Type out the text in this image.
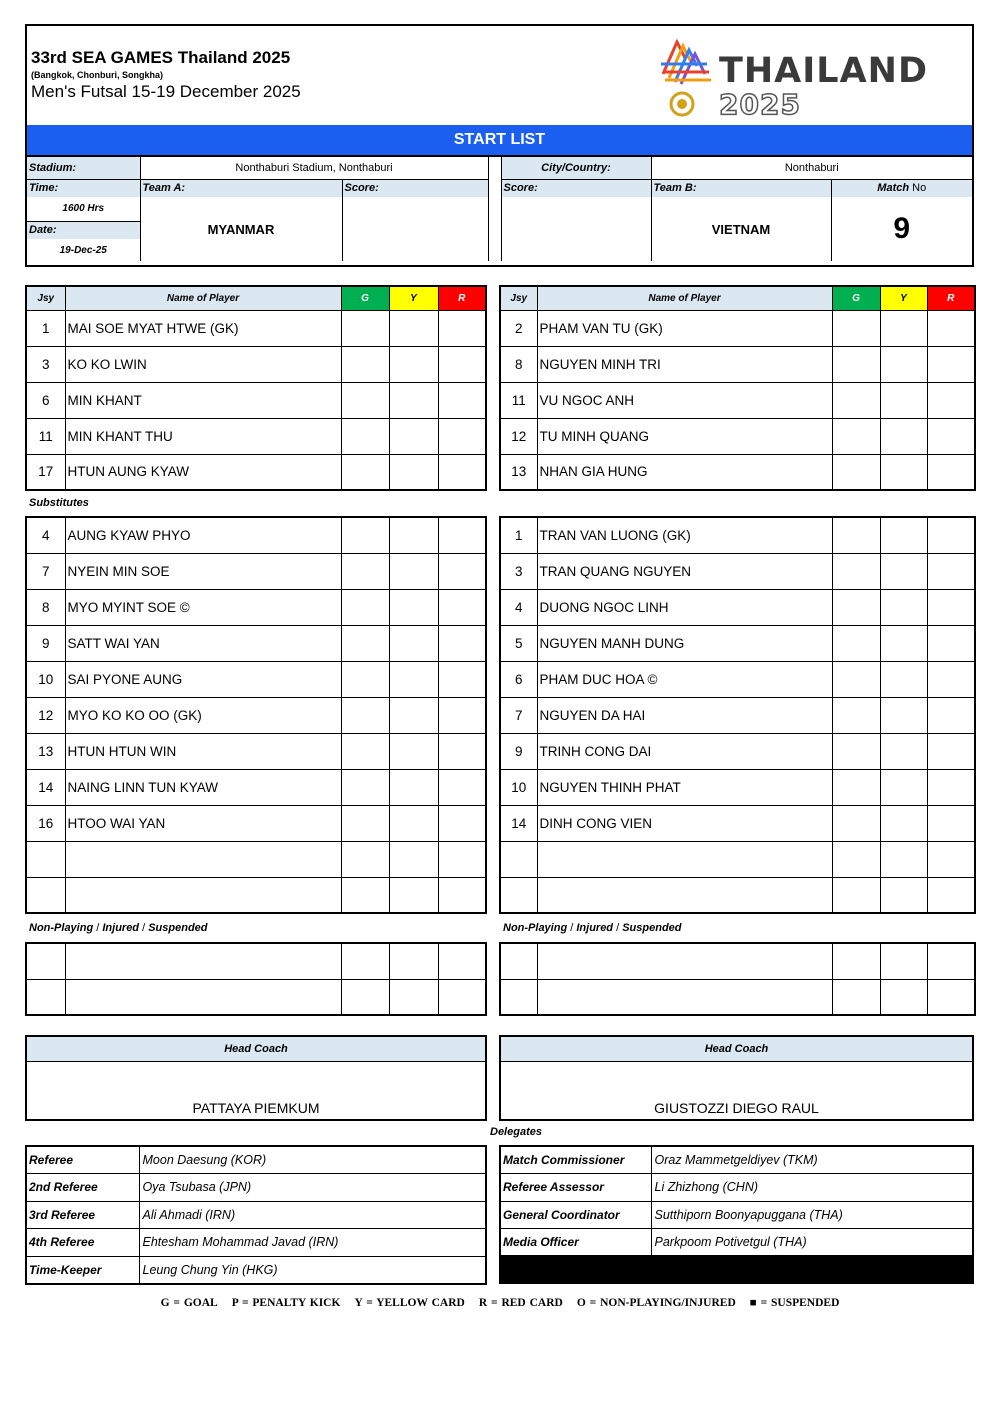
33rd SEA GAMES Thailand 2025
(Bangkok, Chonburi, Songkha)
Men's Futsal 15-19 December 2025
THAILAND
2025
START LIST
Stadium:	Nonthaburi Stadium, Nonthaburi			City/Country:	Nonthaburi	
Time:	Team A:	Score:		Score:	Team B:	Match No
1600 Hrs	MYANMAR				VIETNAM	9
Date:						
19-Dec-25						
Jsy	Name of Player	G	Y	R
1	MAI SOE MYAT HTWE (GK)			
3	KO KO LWIN			
6	MIN KHANT			
11	MIN KHANT THU			
17	HTUN AUNG KYAW			
Jsy	Name of Player	G	Y	R
2	PHAM VAN TU (GK)			
8	NGUYEN MINH TRI			
11	VU NGOC ANH			
12	TU MINH QUANG			
13	NHAN GIA HUNG			
Substitutes
4	AUNG KYAW PHYO			
7	NYEIN MIN SOE			
8	MYO MYINT SOE ©			
9	SATT WAI YAN			
10	SAI PYONE AUNG			
12	MYO KO KO OO (GK)			
13	HTUN HTUN WIN			
14	NAING LINN TUN KYAW			
16	HTOO WAI YAN			

1	TRAN VAN LUONG (GK)			
3	TRAN QUANG NGUYEN			
4	DUONG NGOC LINH			
5	NGUYEN MANH DUNG			
6	PHAM DUC HOA ©			
7	NGUYEN DA HAI			
9	TRINH CONG DAI			
10	NGUYEN THINH PHAT			
14	DINH CONG VIEN			

Non-Playing / Injured / Suspended	Non-Playing / Injured / Suspended

Head Coach
PATTAYA PIEMKUM
Head Coach
GIUSTOZZI DIEGO RAUL
Delegates
Referee	Moon Daesung (KOR)
2nd Referee	Oya Tsubasa (JPN)
3rd Referee	Ali Ahmadi (IRN)
4th Referee	Ehtesham Mohammad Javad (IRN)
Time-Keeper	Leung Chung Yin (HKG)
Match Commissioner	Oraz Mammetgeldiyev (TKM)
Referee Assessor	Li Zhizhong (CHN)
General Coordinator	Sutthiporn Boonyapuggana (THA)
Media Officer	Parkpoom Potivetgul (THA)
G = GOAL P = PENALTY KICK Y = YELLOW CARD R = RED CARD O = NON-PLAYING/INJURED ■ = SUSPENDED
